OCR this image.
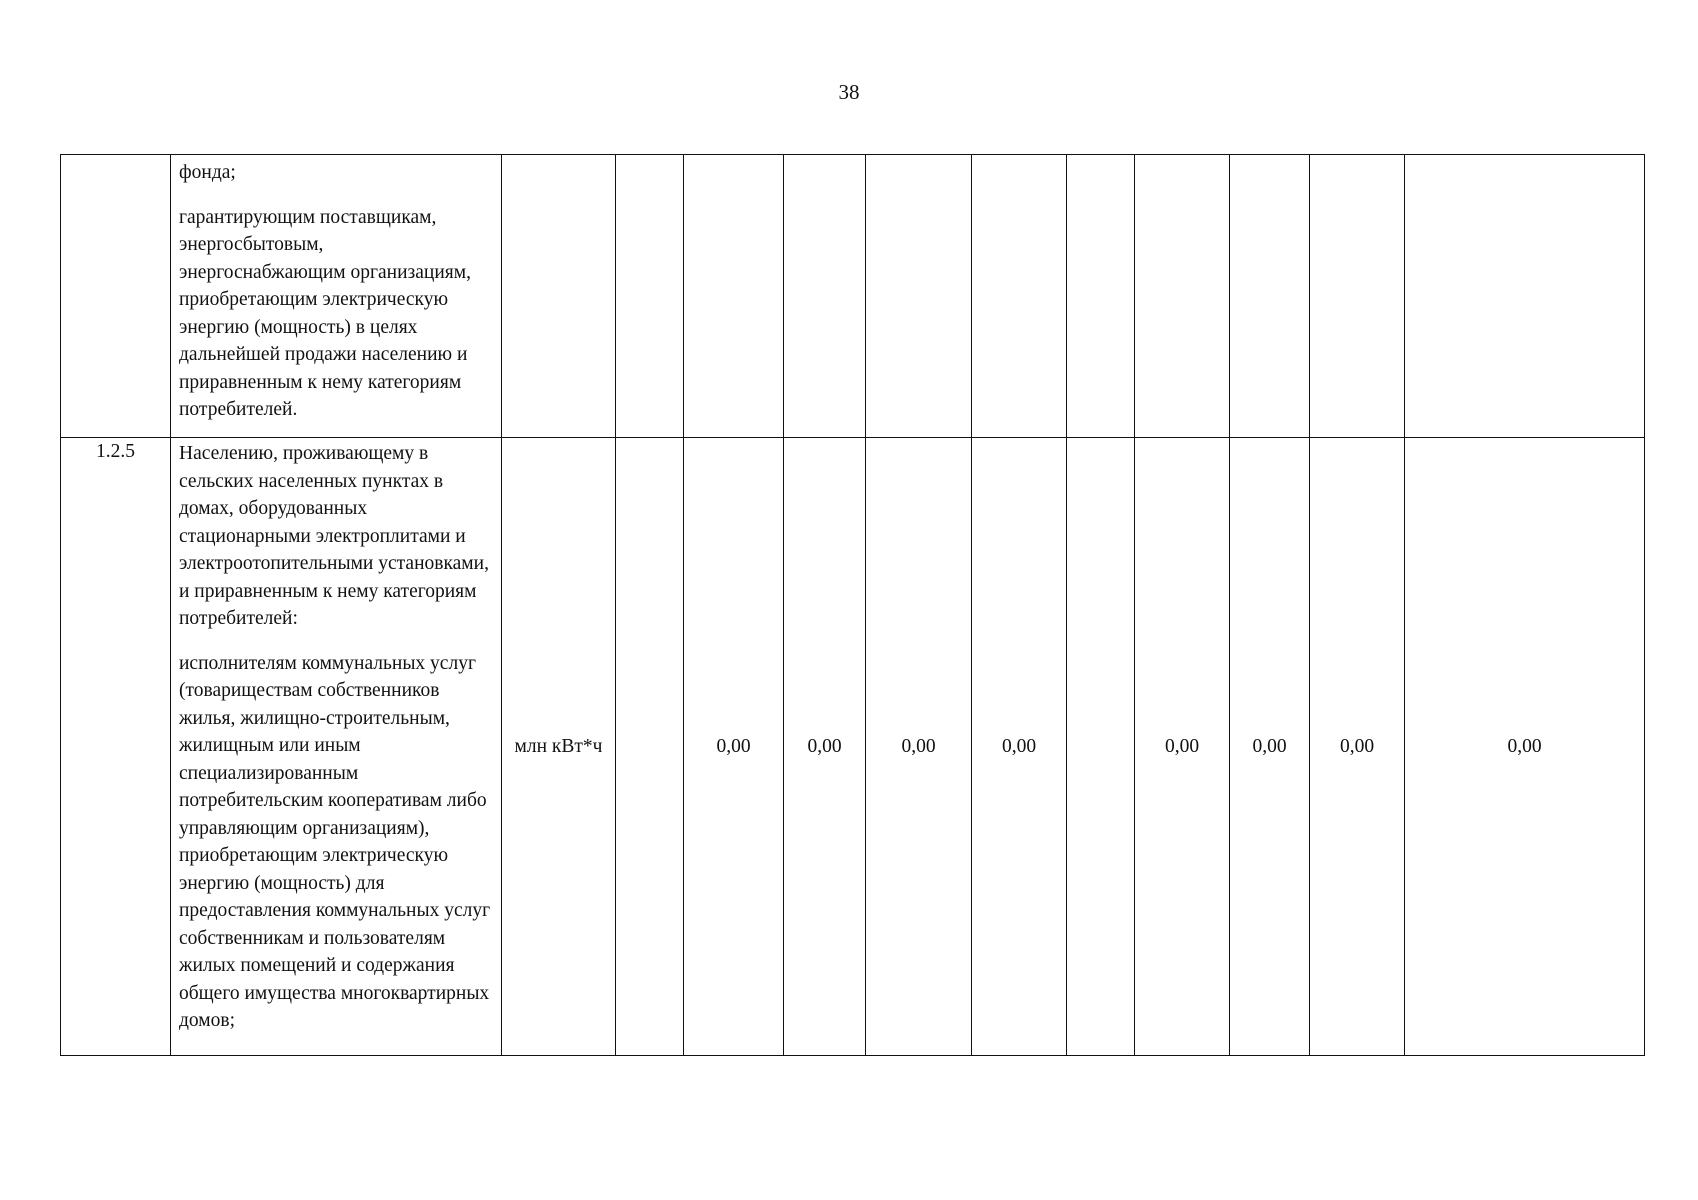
38

	фонда;

гарантирующим поставщикам, энергосбытовым, энергоснабжающим организациям, приобретающим электрическую энергию (мощность) в целях дальнейшей продажи населению и приравненным к нему категориям потребителей.											

1.2.5	Населению, проживающему в сельских населенных пунктах в домах, оборудованных стационарными электроплитами и электроотопительными установками, и приравненным к нему категориям потребителей:

исполнителям коммунальных услуг (товариществам собственников жилья, жилищно-строительным, жилищным или иным специализированным потребительским кооперативам либо управляющим организациям), приобретающим электрическую энергию (мощность) для предоставления коммунальных услуг собственникам и пользователям жилых помещений и содержания общего имущества многоквартирных домов;	млн кВт*ч		0,00	0,00	0,00	0,00		0,00	0,00	0,00	0,00
